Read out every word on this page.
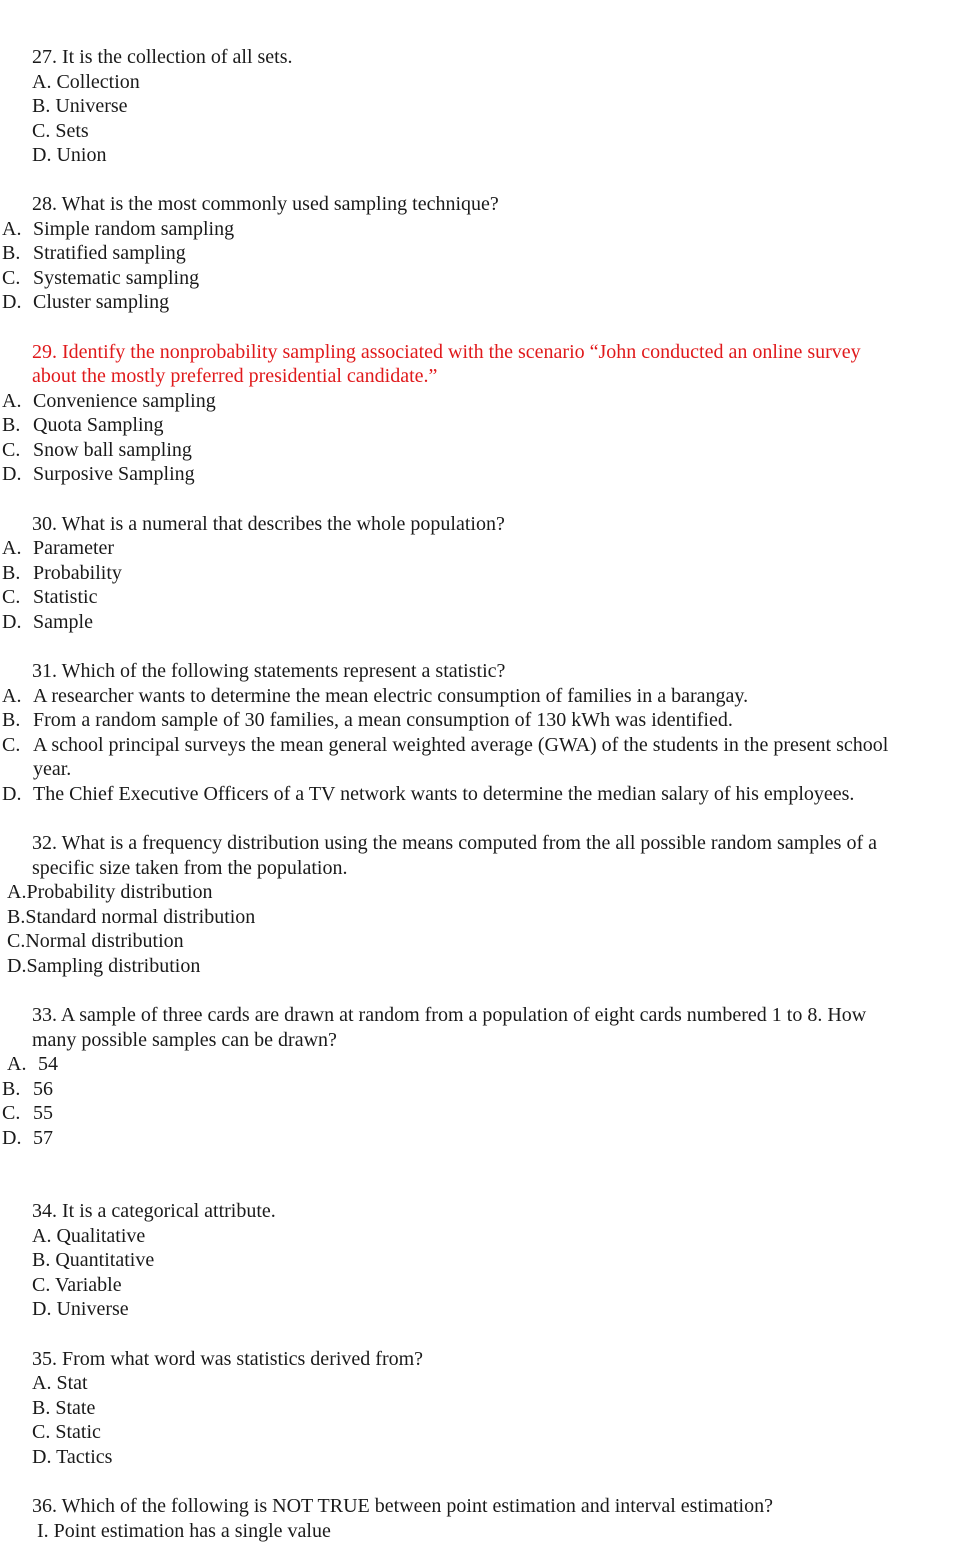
27. It is the collection of all sets.
A. Collection
B. Universe
C. Sets
D. Union
28. What is the most commonly used sampling technique?
A. Simple random sampling
B. Stratified sampling
C. Systematic sampling
D. Cluster sampling
29. Identify the nonprobability sampling associated with the scenario “John conducted an online survey
about the mostly preferred presidential candidate.”
A. Convenience sampling
B. Quota Sampling
C. Snow ball sampling
D. Surposive Sampling
30. What is a numeral that describes the whole population?
A. Parameter
B. Probability
C. Statistic
D. Sample
31. Which of the following statements represent a statistic?
A. A researcher wants to determine the mean electric consumption of families in a barangay.
B. From a random sample of 30 families, a mean consumption of 130 kWh was identified.
C. A school principal surveys the mean general weighted average (GWA) of the students in the present school
year.
D. The Chief Executive Officers of a TV network wants to determine the median salary of his employees.
32. What is a frequency distribution using the means computed from the all possible random samples of a
specific size taken from the population.
A.Probability distribution
B.Standard normal distribution
C.Normal distribution
D.Sampling distribution
33. A sample of three cards are drawn at random from a population of eight cards numbered 1 to 8. How
many possible samples can be drawn?
A. 54
B. 56
C. 55
D. 57
34. It is a categorical attribute.
A. Qualitative
B. Quantitative
C. Variable
D. Universe
35. From what word was statistics derived from?
A. Stat
B. State
C. Static
D. Tactics
36. Which of the following is NOT TRUE between point estimation and interval estimation?
I. Point estimation has a single value
